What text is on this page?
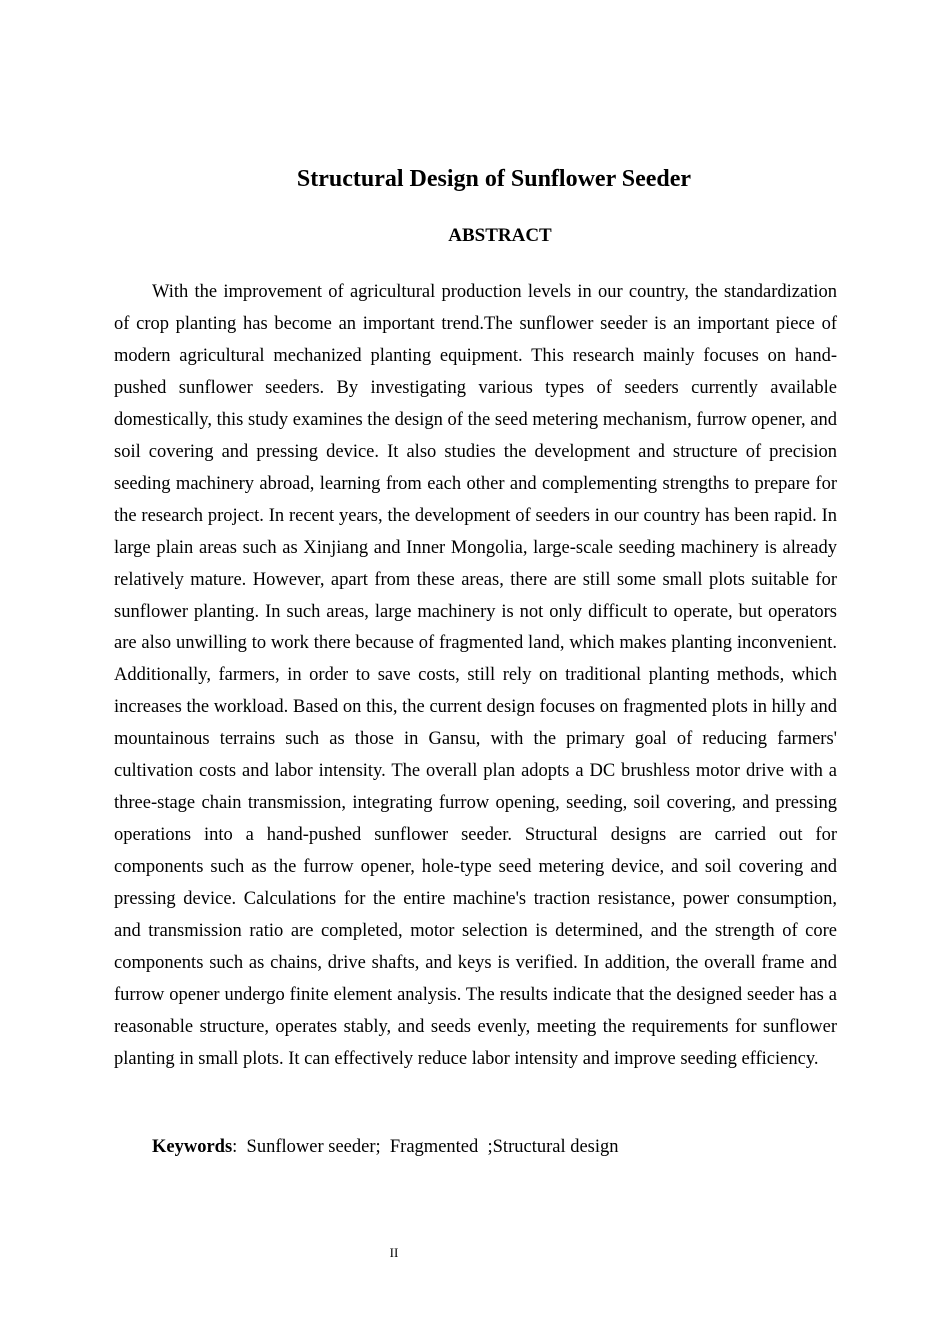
Structural Design of Sunflower Seeder
ABSTRACT

With the improvement of agricultural production levels in our country, the standardization of crop planting has become an important trend.The sunflower seeder is an important piece of modern agricultural mechanized planting equipment. This research mainly focuses on hand-pushed sunflower seeders. By investigating various types of seeders currently available domestically, this study examines the design of the seed metering mechanism, furrow opener, and soil covering and pressing device. It also studies the development and structure of precision seeding machinery abroad, learning from each other and complementing strengths to prepare for the research project. In recent years, the development of seeders in our country has been rapid. In large plain areas such as Xinjiang and Inner Mongolia, large-scale seeding machinery is already relatively mature. However, apart from these areas, there are still some small plots suitable for sunflower planting. In such areas, large machinery is not only difficult to operate, but operators are also unwilling to work there because of fragmented land, which makes planting inconvenient. Additionally, farmers, in order to save costs, still rely on traditional planting methods, which increases the workload. Based on this, the current design focuses on fragmented plots in hilly and mountainous terrains such as those in Gansu, with the primary goal of reducing farmers' cultivation costs and labor intensity. The overall plan adopts a DC brushless motor drive with a three-stage chain transmission, integrating furrow opening, seeding, soil covering, and pressing operations into a hand-pushed sunflower seeder. Structural designs are carried out for components such as the furrow opener, hole-type seed metering device, and soil covering and pressing device. Calculations for the entire machine's traction resistance, power consumption, and transmission ratio are completed, motor selection is determined, and the strength of core components such as chains, drive shafts, and keys is verified. In addition, the overall frame and furrow opener undergo finite element analysis. The results indicate that the designed seeder has a reasonable structure, operates stably, and seeds evenly, meeting the requirements for sunflower planting in small plots. It can effectively reduce labor intensity and improve seeding efficiency.

Keywords:  Sunflower seeder;  Fragmented  ;Structural design

II
